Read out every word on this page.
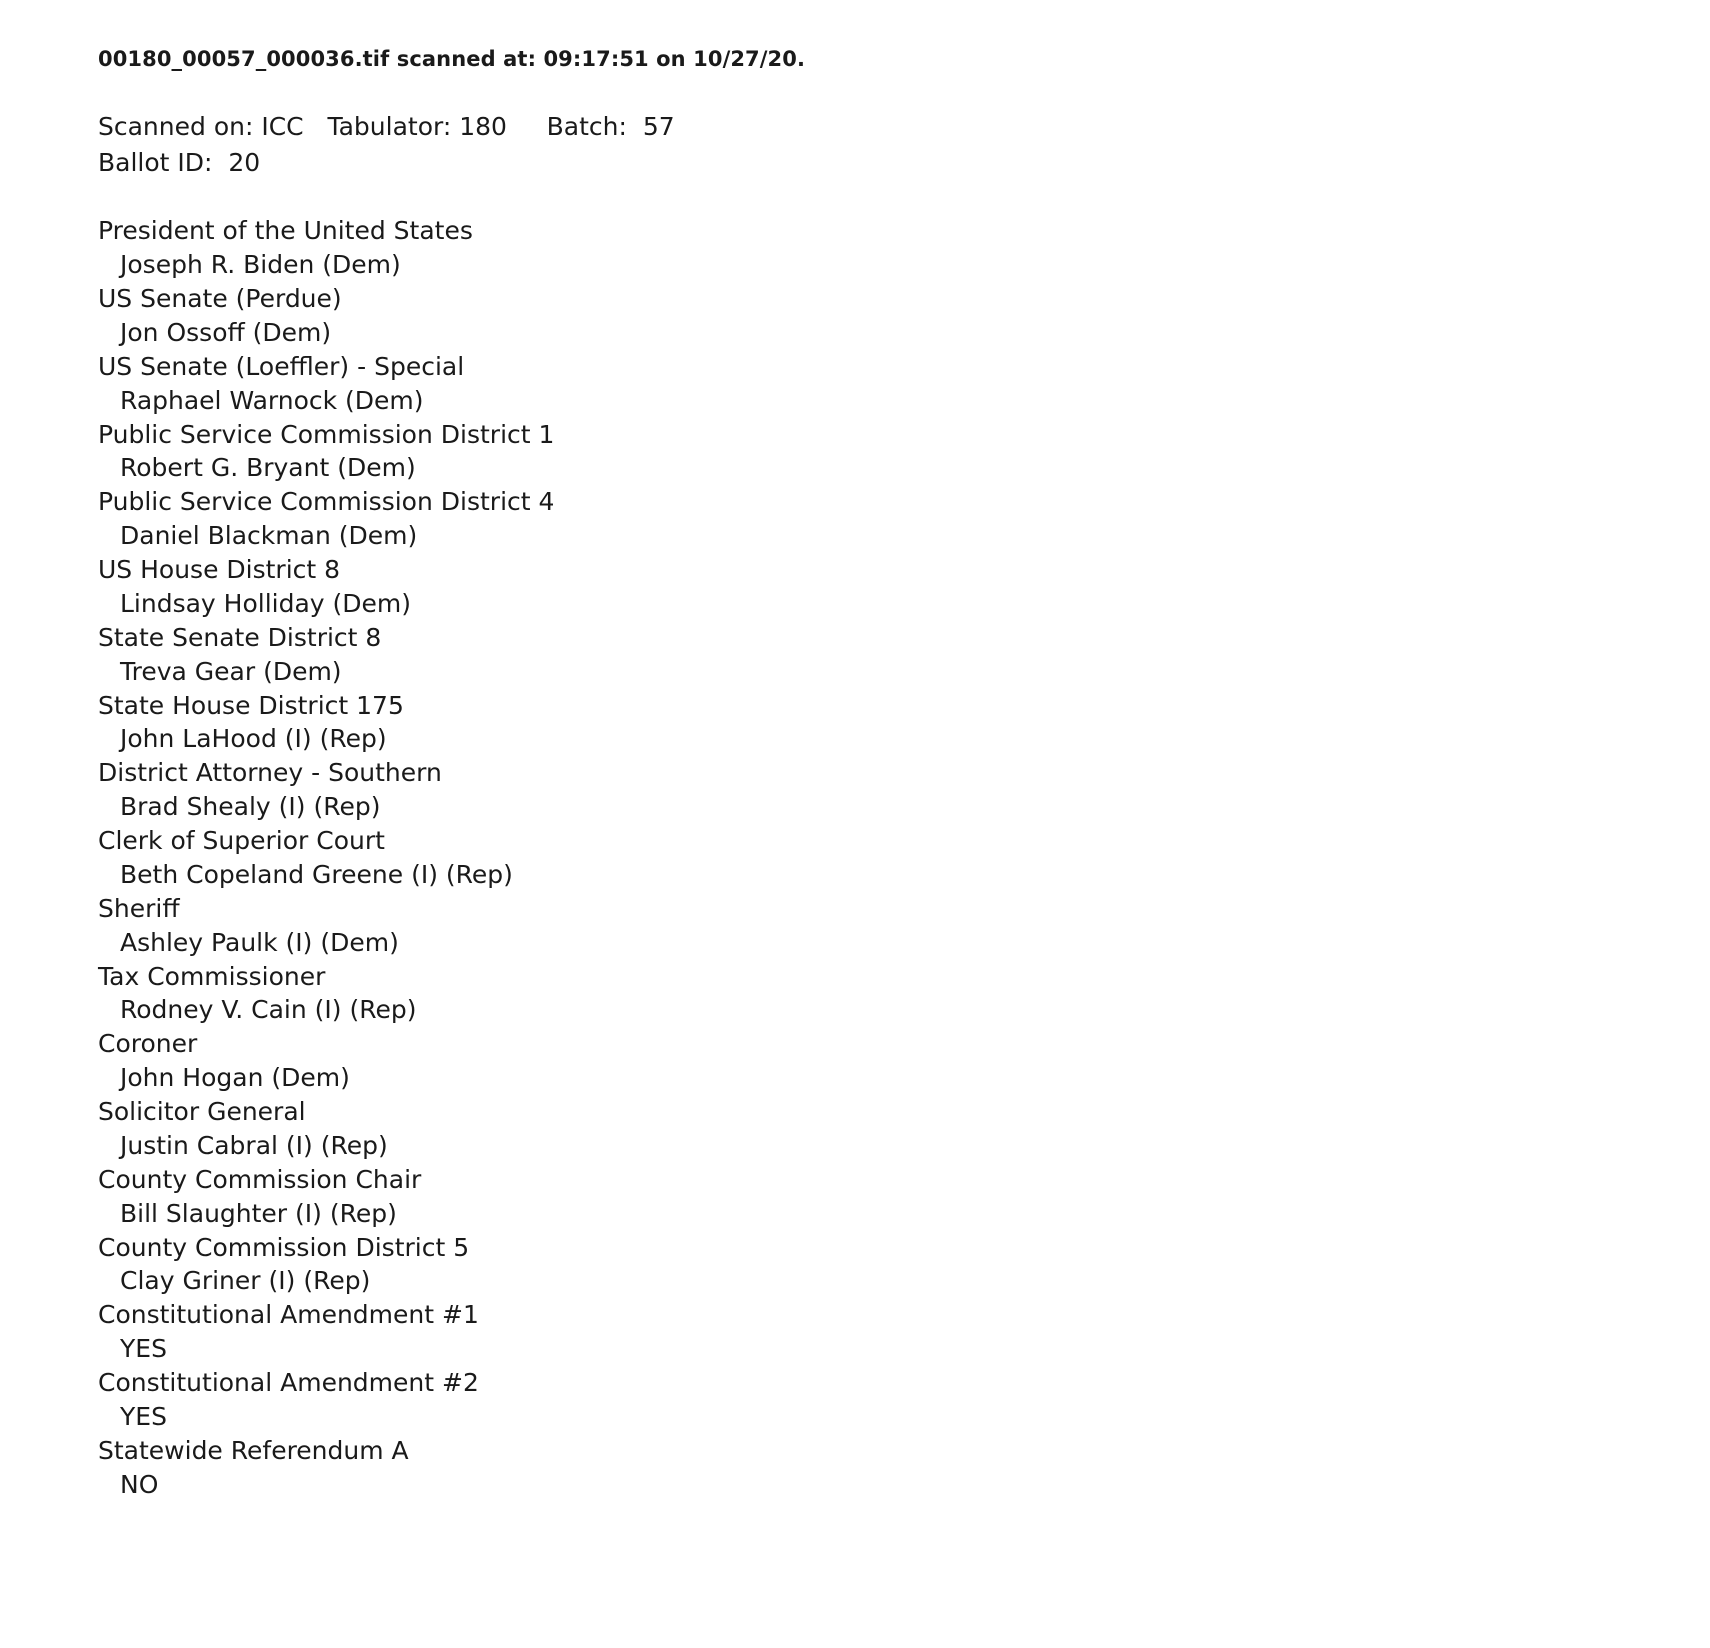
00180_00057_000036.tif scanned at: 09:17:51 on 10/27/20.
Scanned on: ICC   Tabulator: 180     Batch:  57
Ballot ID:  20
President of the United States
Joseph R. Biden (Dem)
US Senate (Perdue)
Jon Ossoff (Dem)
US Senate (Loeffler) - Special
Raphael Warnock (Dem)
Public Service Commission District 1
Robert G. Bryant (Dem)
Public Service Commission District 4
Daniel Blackman (Dem)
US House District 8
Lindsay Holliday (Dem)
State Senate District 8
Treva Gear (Dem)
State House District 175
John LaHood (I) (Rep)
District Attorney - Southern
Brad Shealy (I) (Rep)
Clerk of Superior Court
Beth Copeland Greene (I) (Rep)
Sheriff
Ashley Paulk (I) (Dem)
Tax Commissioner
Rodney V. Cain (I) (Rep)
Coroner
John Hogan (Dem)
Solicitor General
Justin Cabral (I) (Rep)
County Commission Chair
Bill Slaughter (I) (Rep)
County Commission District 5
Clay Griner (I) (Rep)
Constitutional Amendment #1
YES
Constitutional Amendment #2
YES
Statewide Referendum A
NO
